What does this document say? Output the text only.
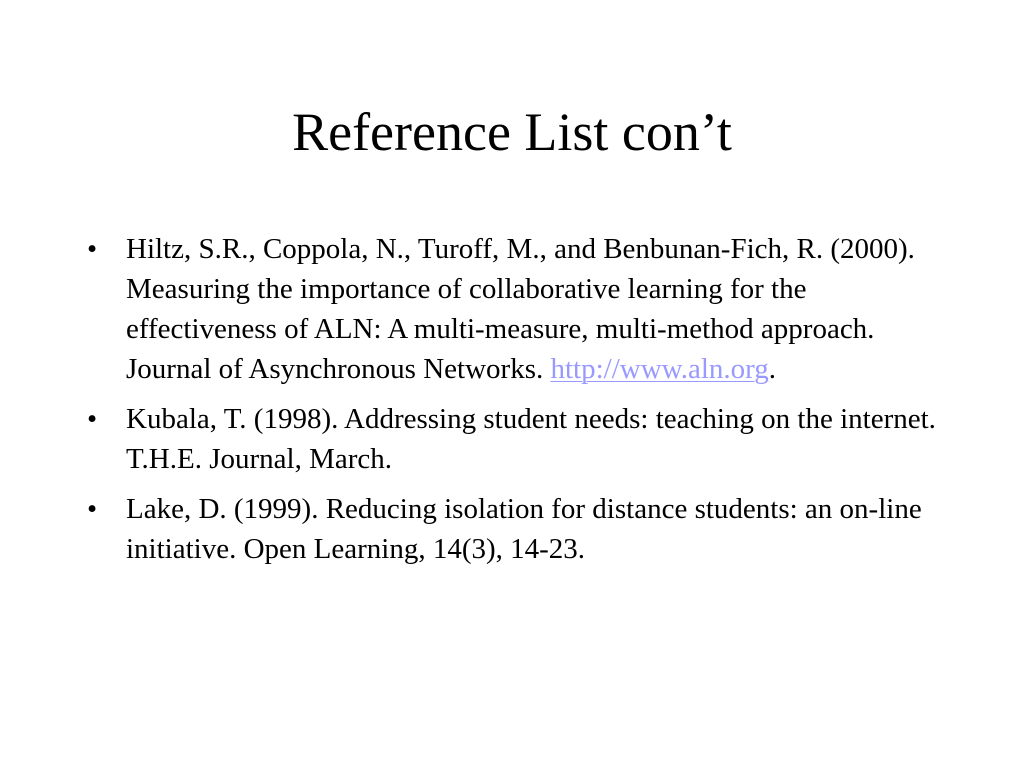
Reference List con’t
• Hiltz, S.R., Coppola, N., Turoff, M., and Benbunan-Fich, R. (2000). Measuring the importance of collaborative learning for the effectiveness of ALN: A multi-measure, multi-method approach. Journal of Asynchronous Networks. http://www.aln.org.
• Kubala, T. (1998). Addressing student needs: teaching on the internet. T.H.E. Journal, March.
• Lake, D. (1999). Reducing isolation for distance students: an on-line initiative. Open Learning, 14(3), 14-23.
